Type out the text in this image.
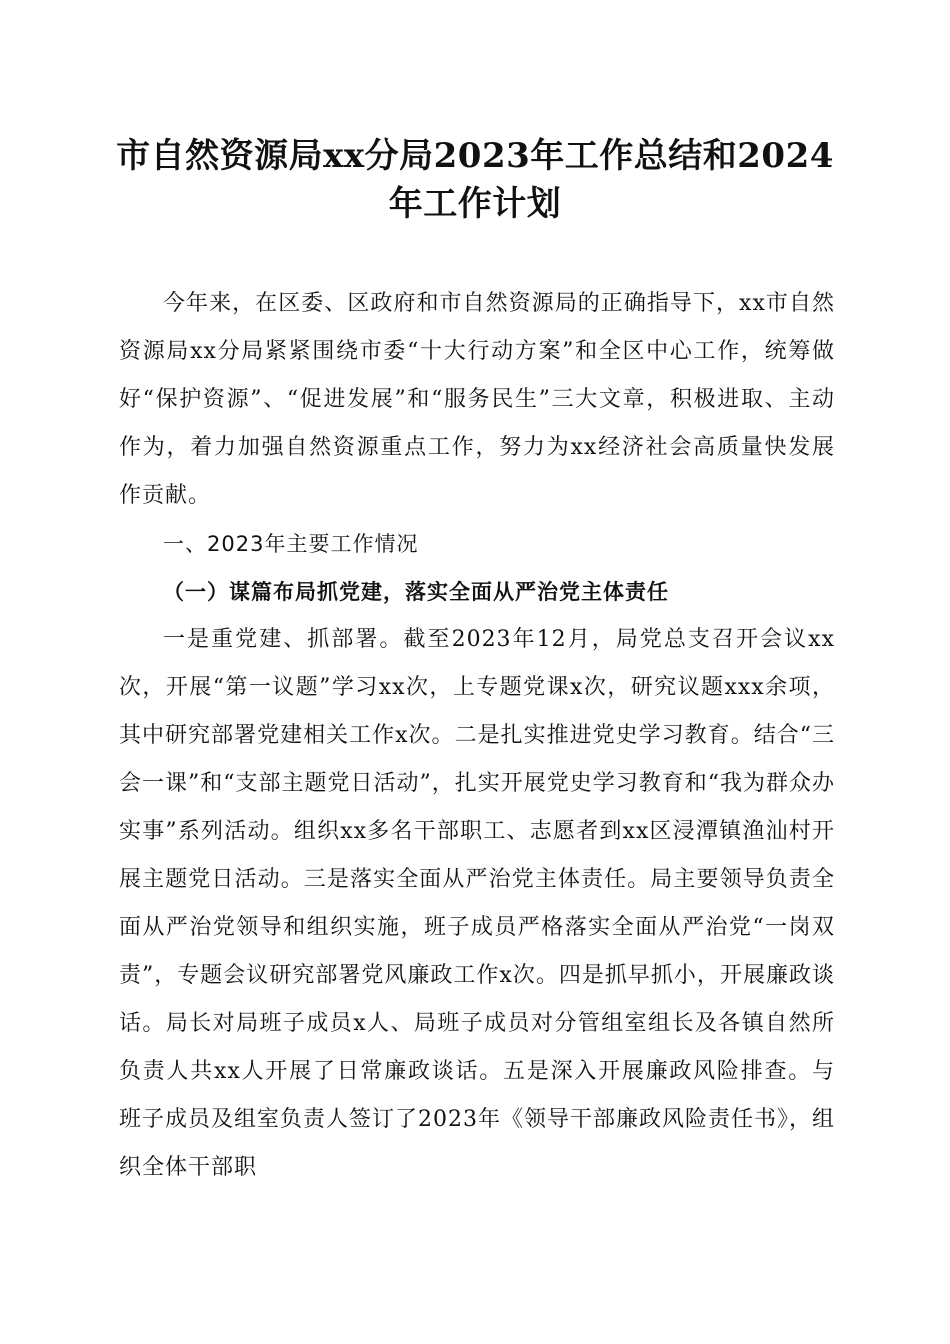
市自然资源局xx分局2023年工作总结和2024年工作计划

今年来，在区委、区政府和市自然资源局的正确指导下，xx市自然资源局xx分局紧紧围绕市委“十大行动方案”和全区中心工作，统筹做好“保护资源”、“促进发展”和“服务民生”三大文章，积极进取、主动作为，着力加强自然资源重点工作，努力为xx经济社会高质量快发展作贡献。

一、2023年主要工作情况

（一）谋篇布局抓党建，落实全面从严治党主体责任

一是重党建、抓部署。截至2023年12月，局党总支召开会议xx次，开展“第一议题”学习xx次，上专题党课x次，研究议题xxx余项，其中研究部署党建相关工作x次。二是扎实推进党史学习教育。结合“三会一课”和“支部主题党日活动”，扎实开展党史学习教育和“我为群众办实事”系列活动。组织xx多名干部职工、志愿者到xx区浸潭镇渔汕村开展主题党日活动。三是落实全面从严治党主体责任。局主要领导负责全面从严治党领导和组织实施，班子成员严格落实全面从严治党“一岗双责”，专题会议研究部署党风廉政工作x次。四是抓早抓小，开展廉政谈话。局长对局班子成员x人、局班子成员对分管组室组长及各镇自然所负责人共xx人开展了日常廉政谈话。五是深入开展廉政风险排查。与班子成员及组室负责人签订了2023年《领导干部廉政风险责任书》，组织全体干部职
